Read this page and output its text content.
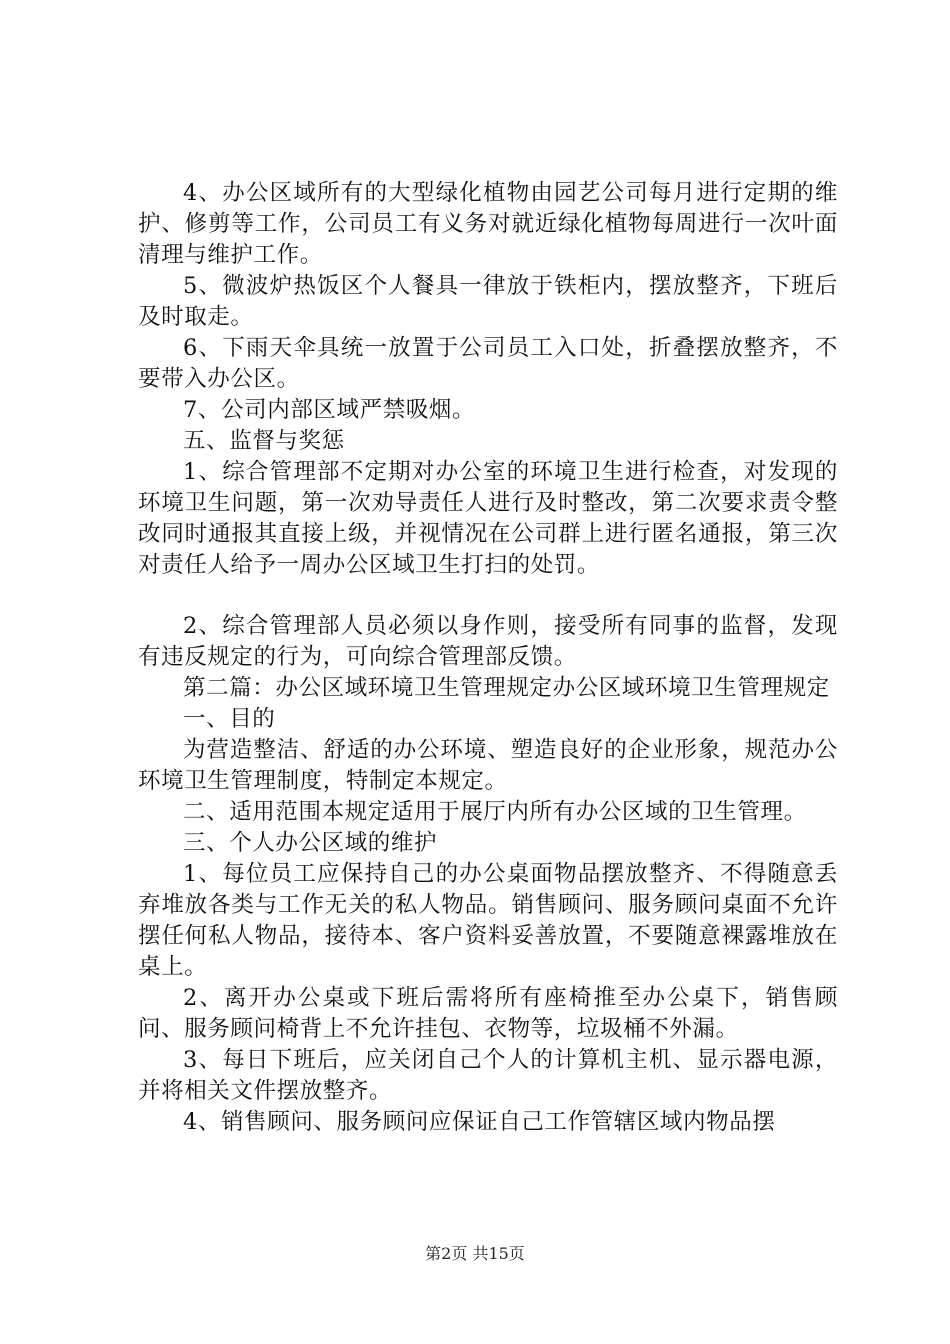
4、办公区域所有的大型绿化植物由园艺公司每月进行定期的维护、修剪等工作，公司员工有义务对就近绿化植物每周进行一次叶面清理与维护工作。

5、微波炉热饭区个人餐具一律放于铁柜内，摆放整齐，下班后及时取走。

6、下雨天伞具统一放置于公司员工入口处，折叠摆放整齐，不要带入办公区。

7、公司内部区域严禁吸烟。

五、监督与奖惩

1、综合管理部不定期对办公室的环境卫生进行检查，对发现的环境卫生问题，第一次劝导责任人进行及时整改，第二次要求责令整改同时通报其直接上级，并视情况在公司群上进行匿名通报，第三次对责任人给予一周办公区域卫生打扫的处罚。

2、综合管理部人员必须以身作则，接受所有同事的监督，发现有违反规定的行为，可向综合管理部反馈。

第二篇：办公区域环境卫生管理规定办公区域环境卫生管理规定

一、目的

为营造整洁、舒适的办公环境、塑造良好的企业形象，规范办公环境卫生管理制度，特制定本规定。

二、适用范围本规定适用于展厅内所有办公区域的卫生管理。

三、个人办公区域的维护

1、每位员工应保持自己的办公桌面物品摆放整齐、不得随意丢弃堆放各类与工作无关的私人物品。销售顾问、服务顾问桌面不允许摆任何私人物品，接待本、客户资料妥善放置，不要随意裸露堆放在桌上。

2、离开办公桌或下班后需将所有座椅推至办公桌下，销售顾问、服务顾问椅背上不允许挂包、衣物等，垃圾桶不外漏。

3、每日下班后，应关闭自己个人的计算机主机、显示器电源，并将相关文件摆放整齐。

4、销售顾问、服务顾问应保证自己工作管辖区域内物品摆

第2页 共15页
